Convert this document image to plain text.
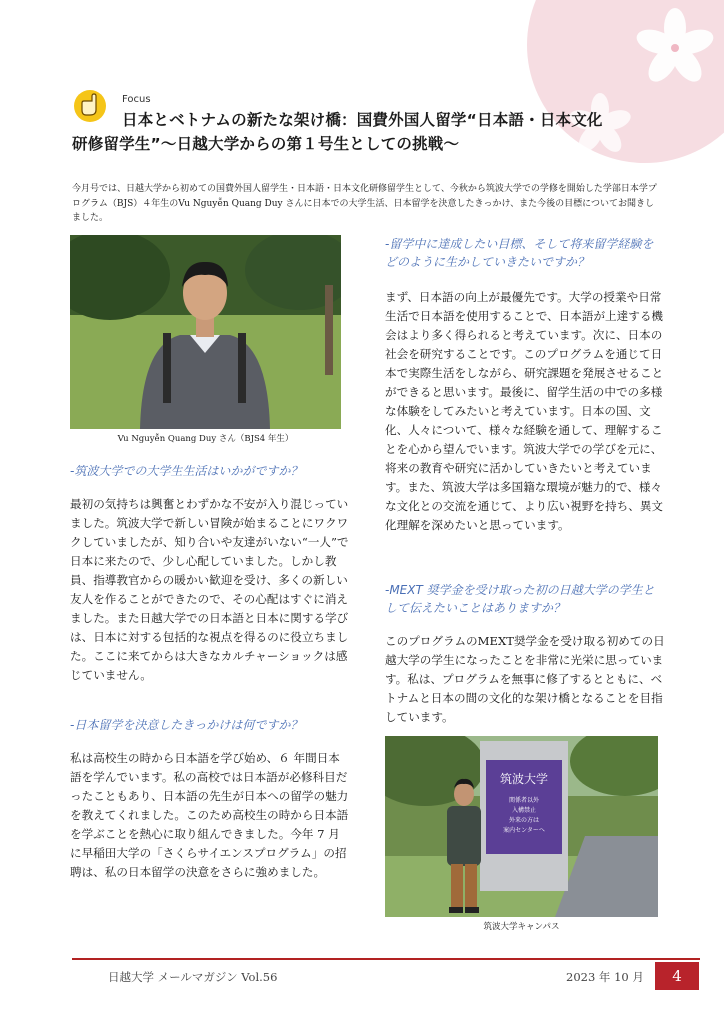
Focus
日本とベトナムの新たな架け橋：国費外国人留学“日本語・日本文化
研修留学生”～日越大学からの第１号生としての挑戦～

今月号では、日越大学から初めての国費外国人留学生・日本語・日本文化研修留学生として、今秋から筑波大学での学修を開始した学部日本学プログラム（BJS）４年生のVu Nguyễn Quang Duy さんに日本での大学生活、日本留学を決意したきっかけ、また今後の目標についてお聞きしました。

Vu Nguyễn Quang Duy さん（BJS4 年生）

-筑波大学での大学生生活はいかがですか？

最初の気持ちは興奮とわずかな不安が入り混じっていました。筑波大学で新しい冒険が始まることにワクワクしていましたが、知り合いや友達がいない“一人”で日本に来たので、少し心配していました。しかし教員、指導教官からの暖かい歓迎を受け、多くの新しい友人を作ることができたので、その心配はすぐに消えました。また日越大学での日本語と日本に関する学びは、日本に対する包括的な視点を得るのに役立ちました。ここに来てからは大きなカルチャーショックは感じていません。

-日本留学を決意したきっかけは何ですか？

私は高校生の時から日本語を学び始め、６ 年間日本語を学んでいます。私の高校では日本語が必修科目だったこともあり、日本語の先生が日本への留学の魅力を教えてくれました。このため高校生の時から日本語を学ぶことを熱心に取り組んできました。今年 7 月に早稲田大学の「さくらサイエンスプログラム」の招聘は、私の日本留学の決意をさらに強めました。

-留学中に達成したい目標、そして将来留学経験をどのように生かしていきたいですか？

まず、日本語の向上が最優先です。大学の授業や日常生活で日本語を使用することで、日本語が上達する機会はより多く得られると考えています。次に、日本の社会を研究することです。このプログラムを通じて日本で実際生活をしながら、研究課題を発展させることができると思います。最後に、留学生活の中での多様な体験をしてみたいと考えています。日本の国、文化、人々について、様々な経験を通して、理解することを心から望んでいます。筑波大学での学びを元に、将来の教育や研究に活かしていきたいと考えています。また、筑波大学は多国籍な環境が魅力的で、様々な文化との交流を通じて、より広い視野を持ち、異文化理解を深めたいと思っています。

-MEXT 奨学金を受け取った初の日越大学の学生として伝えたいことはありますか？

このプログラムのMEXT奨学金を受け取る初めての日越大学の学生になったことを非常に光栄に思っています。私は、プログラムを無事に修了するとともに、ベトナムと日本の間の文化的な架け橋となることを目指しています。

筑波大学
関係者以外
入構禁止
外来の方は
案内センターへ
筑波大学キャンパス
日越大学 メールマガジン Vol.56	2023 年 10 月	4
